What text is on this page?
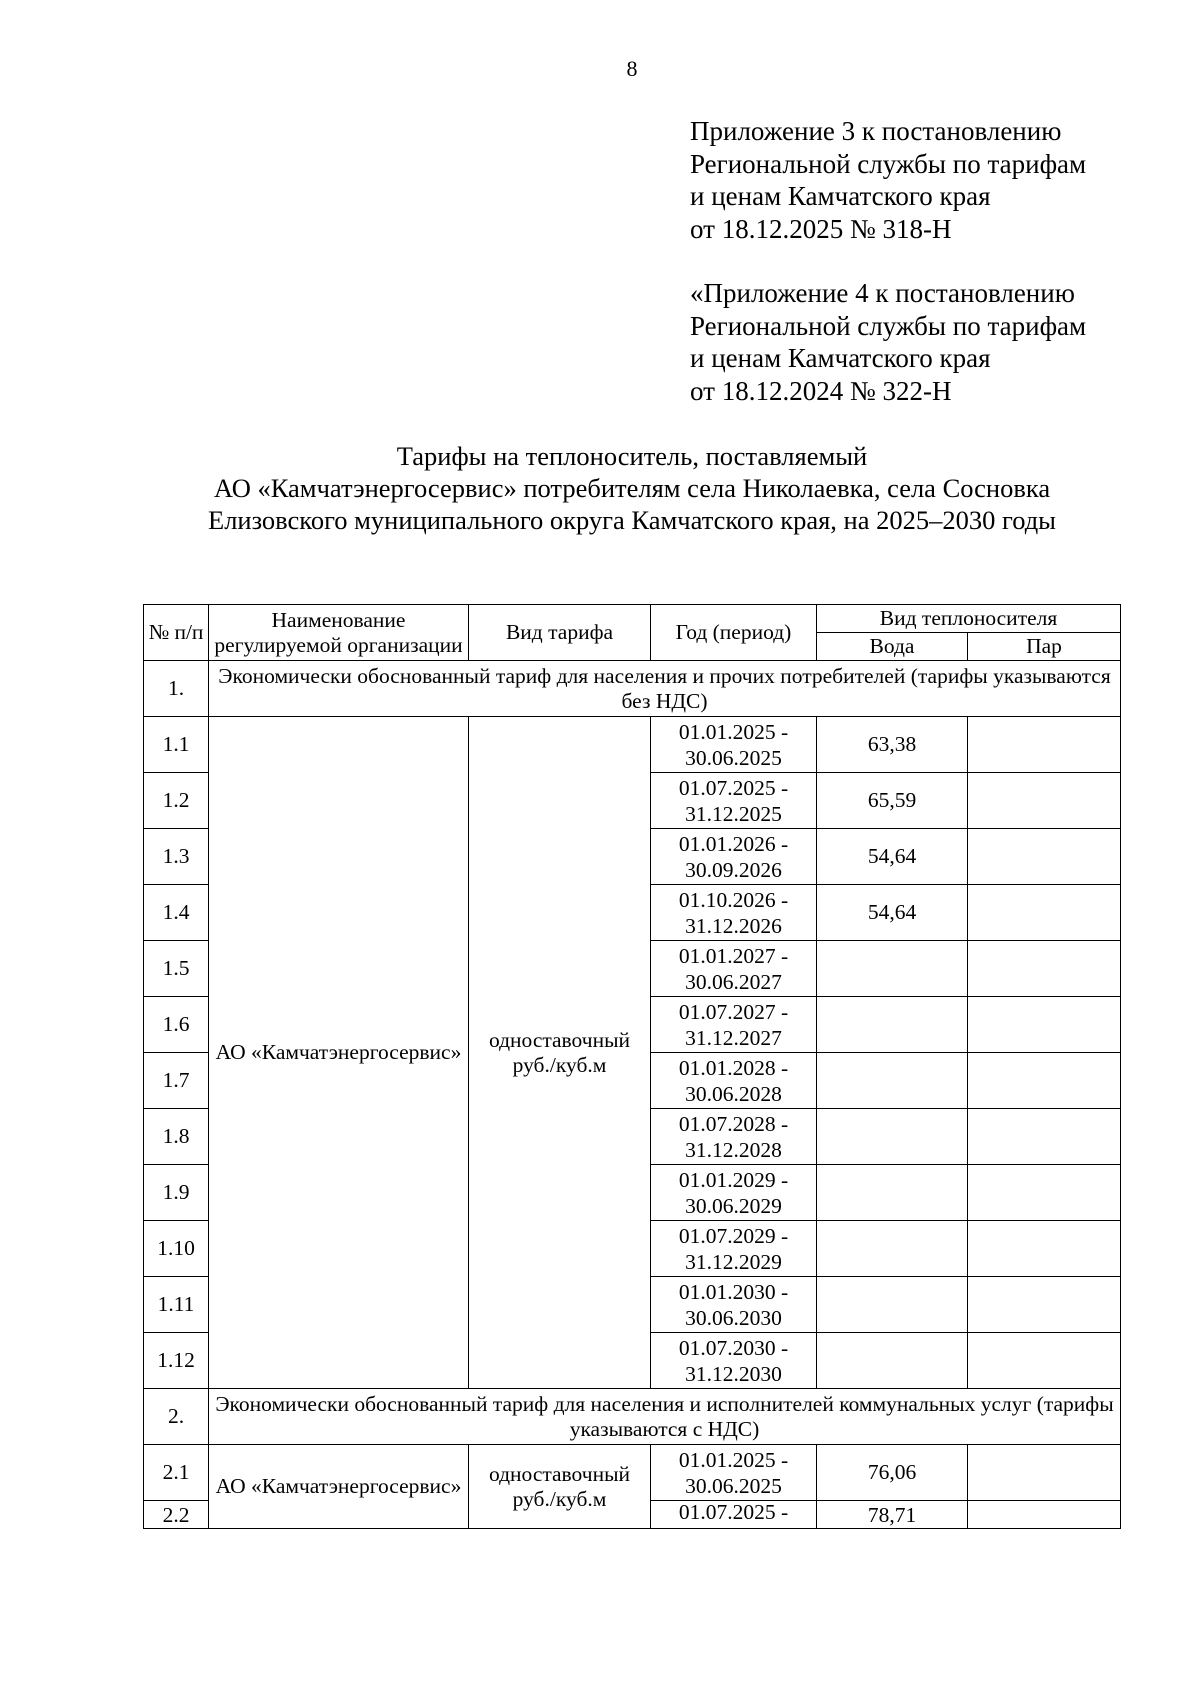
8
Приложение 3 к постановлению
Региональной службы по тарифам
и ценам Камчатского края
от 18.12.2025 № 318-Н
«Приложение 4 к постановлению
Региональной службы по тарифам
и ценам Камчатского края
от 18.12.2024 № 322-Н
Тарифы на теплоноситель, поставляемый
АО «Камчатэнергосервис» потребителям села Николаевка, села Сосновка
Елизовского муниципального округа Камчатского края, на 2025–2030 годы
№ п/п	Наименование регулируемой организации	Вид тарифа	Год (период)	Вид теплоносителя	
				Вода	Пар
1.	Экономически обоснованный тариф для населения и прочих потребителей (тарифы указываются без НДС)				
1.1	АО «Камчатэнергосервис»	одноставочный руб./куб.м	01.01.2025 - 30.06.2025	63,38	
1.2			01.07.2025 - 31.12.2025	65,59	
1.3			01.01.2026 - 30.09.2026	54,64	
1.4			01.10.2026 - 31.12.2026	54,64	
1.5			01.01.2027 - 30.06.2027		
1.6			01.07.2027 - 31.12.2027		
1.7			01.01.2028 - 30.06.2028		
1.8			01.07.2028 - 31.12.2028		
1.9			01.01.2029 - 30.06.2029		
1.10			01.07.2029 - 31.12.2029		
1.11			01.01.2030 - 30.06.2030		
1.12			01.07.2030 - 31.12.2030		
2.	Экономически обоснованный тариф для населения и исполнителей коммунальных услуг (тарифы указываются с НДС)				
2.1	АО «Камчатэнергосервис»	одноставочный руб./куб.м	01.01.2025 - 30.06.2025	76,06	
2.2			01.07.2025 -	78,71	
